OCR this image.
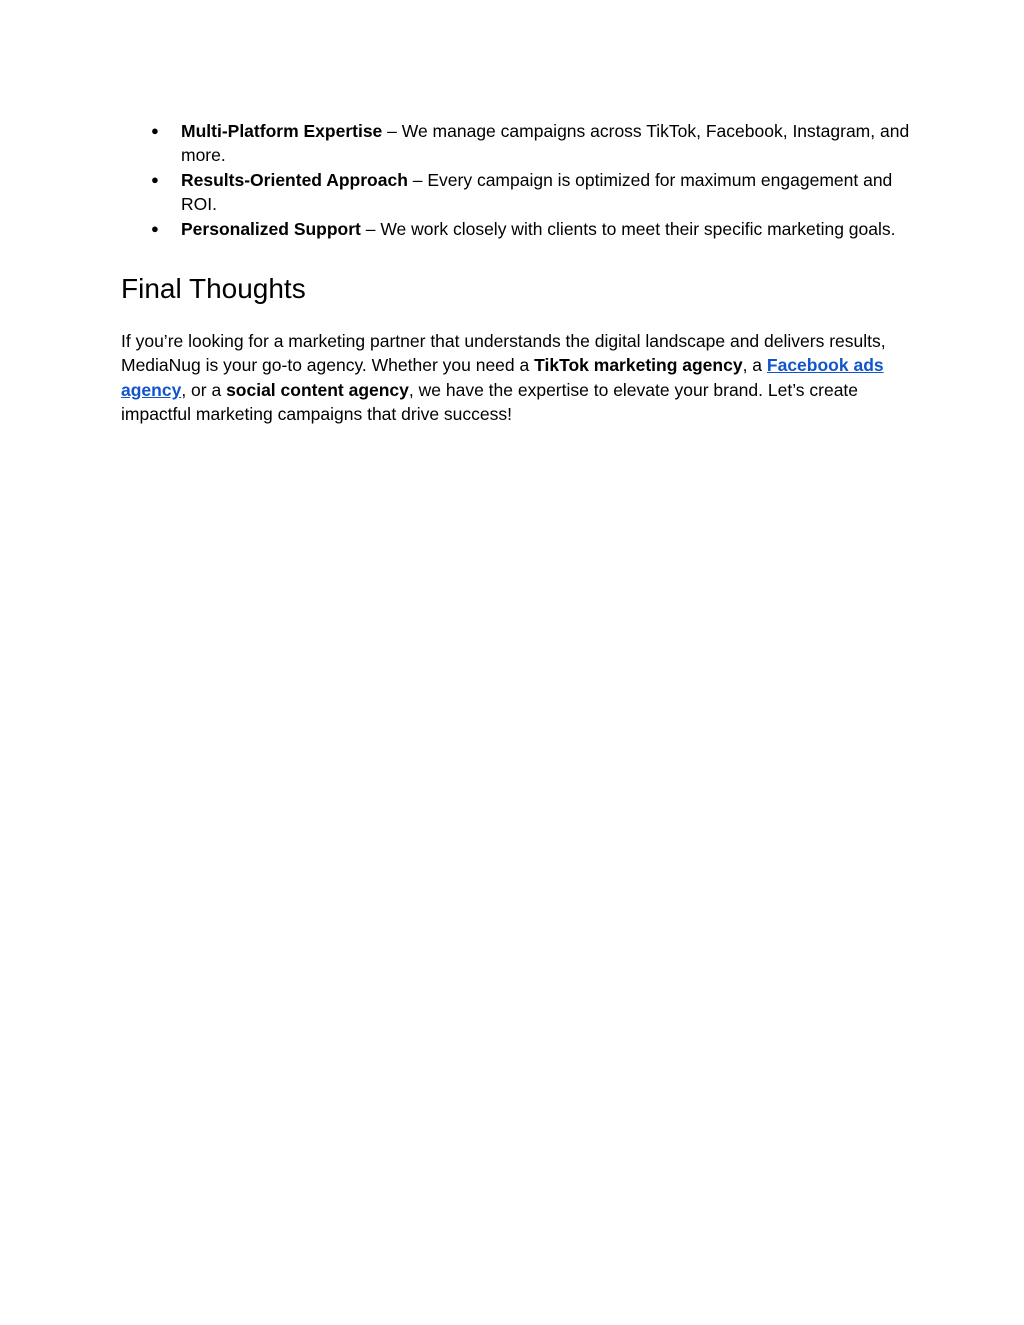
● Multi-Platform Expertise – We manage campaigns across TikTok, Facebook, Instagram, and more.
● Results-Oriented Approach – Every campaign is optimized for maximum engagement and ROI.
● Personalized Support – We work closely with clients to meet their specific marketing goals.
Final Thoughts

If you’re looking for a marketing partner that understands the digital landscape and delivers results, MediaNug is your go-to agency. Whether you need a TikTok marketing agency, a Facebook ads agency, or a social content agency, we have the expertise to elevate your brand. Let’s create impactful marketing campaigns that drive success!
